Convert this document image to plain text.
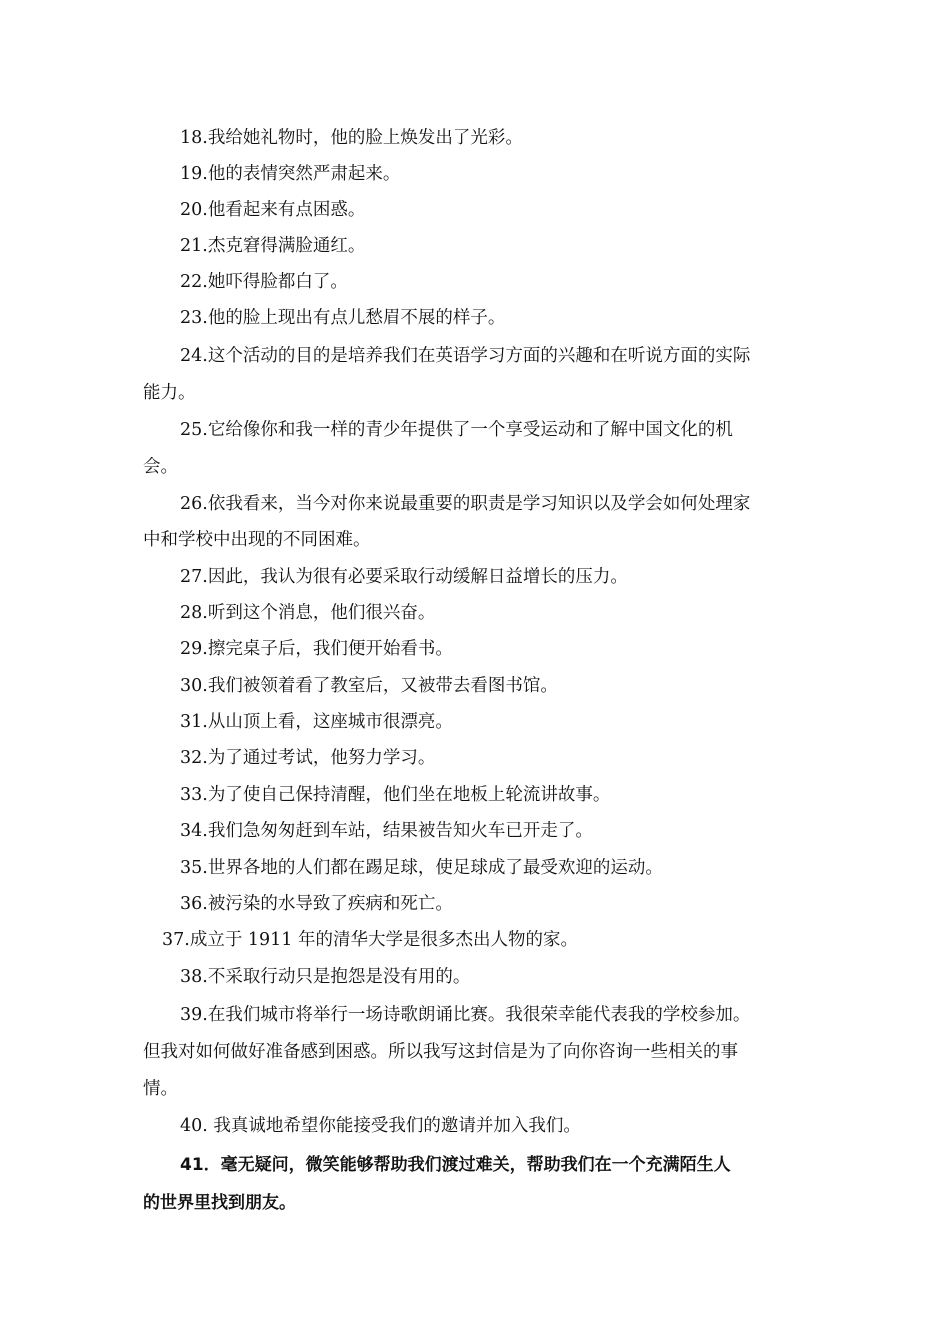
18.我给她礼物时，他的脸上焕发出了光彩。
19.他的表情突然严肃起来。
20.他看起来有点困惑。
21.杰克窘得满脸通红。
22.她吓得脸都白了。
23.他的脸上现出有点儿愁眉不展的样子。
24.这个活动的目的是培养我们在英语学习方面的兴趣和在听说方面的实际
能力。
25.它给像你和我一样的青少年提供了一个享受运动和了解中国文化的机
会。
26.依我看来，当今对你来说最重要的职责是学习知识以及学会如何处理家
中和学校中出现的不同困难。
27.因此，我认为很有必要采取行动缓解日益增长的压力。
28.听到这个消息，他们很兴奋。
29.擦完桌子后，我们便开始看书。
30.我们被领着看了教室后，又被带去看图书馆。
31.从山顶上看，这座城市很漂亮。
32.为了通过考试，他努力学习。
33.为了使自己保持清醒，他们坐在地板上轮流讲故事。
34.我们急匆匆赶到车站，结果被告知火车已开走了。
35.世界各地的人们都在踢足球，使足球成了最受欢迎的运动。
36.被污染的水导致了疾病和死亡。
37.成立于 1911 年的清华大学是很多杰出人物的家。
38.不采取行动只是抱怨是没有用的。
39.在我们城市将举行一场诗歌朗诵比赛。我很荣幸能代表我的学校参加。
但我对如何做好准备感到困惑。所以我写这封信是为了向你咨询一些相关的事
情。
40. 我真诚地希望你能接受我们的邀请并加入我们。
41．毫无疑问，微笑能够帮助我们渡过难关，帮助我们在一个充满陌生人
的世界里找到朋友。
